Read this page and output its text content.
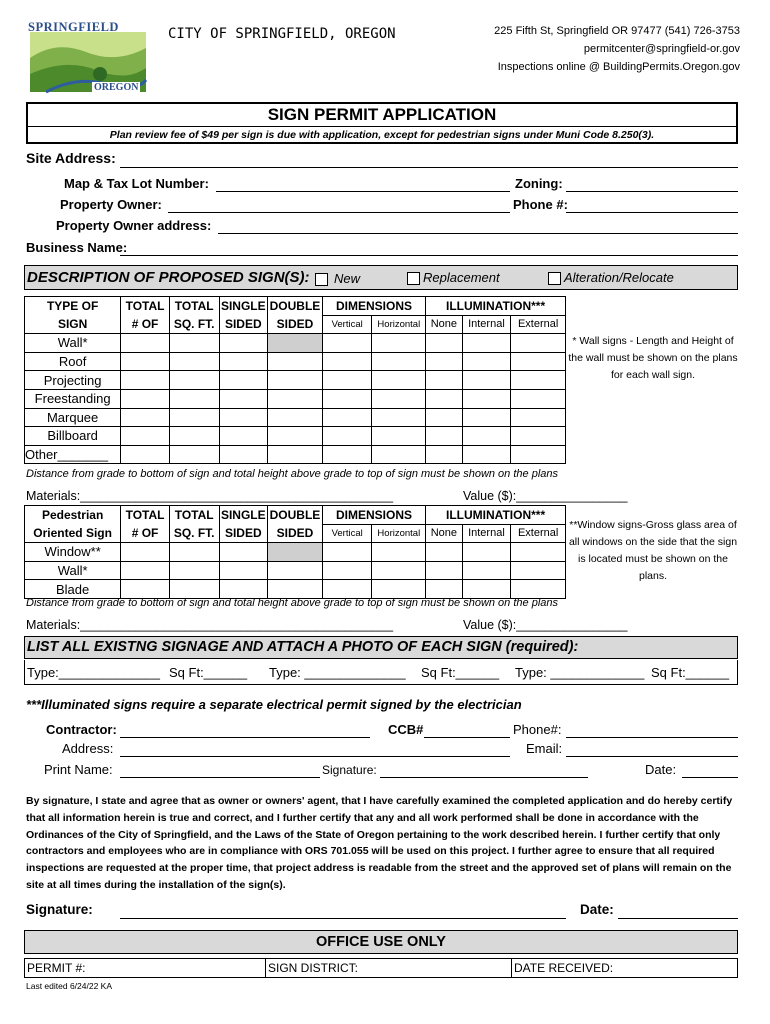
SPRINGFIELD
OREGON
CITY OF SPRINGFIELD, OREGON	225 Fifth St, Springfield OR 97477 (541) 726-3753
permitcenter@springfield-or.gov
Inspections online @ BuildingPermits.Oregon.gov
SIGN PERMIT APPLICATION
Plan review fee of $49 per sign is due with application, except for pedestrian signs under Muni Code 8.250(3).
Site Address:
Map & Tax Lot Number:	Zoning:
Property Owner:	Phone #:
Property Owner address:
Business Name:
DESCRIPTION OF PROPOSED SIGN(S):	New	Replacement	Alteration/Relocate
TYPE OF	TOTAL	TOTAL	SINGLE	DOUBLE	DIMENSIONS		ILLUMINATION***		
SIGN	# OF	SQ. FT.	SIDED	SIDED	Vertical	Horizontal	None	Internal	External
Wall*									
Roof									
Projecting									
Freestanding									
Marquee									
Billboard									
Other_______									
* Wall signs - Length and Height of the wall must be shown on the plans for each wall sign.
Distance from grade to bottom of sign and total height above grade to top of sign must be shown on the plans
Materials:_____________________________________________	Value ($):________________
Pedestrian	TOTAL	TOTAL	SINGLE	DOUBLE	DIMENSIONS		ILLUMINATION***		
Oriented Sign	# OF	SQ. FT.	SIDED	SIDED	Vertical	Horizontal	None	Internal	External
Window**									
Wall*									
Blade									
**Window signs-Gross glass area of all windows on the side that the sign is located must be shown on the plans.
Distance from grade to bottom of sign and total height above grade to top of sign must be shown on the plans
Materials:_____________________________________________	Value ($):________________
LIST ALL EXISTNG SIGNAGE AND ATTACH A PHOTO OF EACH SIGN (required):
Type:______________ Sq Ft:______ Type: ______________ Sq Ft:______ Type: _____________ Sq Ft:______
***Illuminated signs require a separate electrical permit signed by the electrician
Contractor:	CCB#	Phone#:
Address:	Email:
Print Name:	Signature:	Date:
By signature, I state and agree that as owner or owners' agent, that I have carefully examined the completed application and do hereby certify that all information herein is true and correct, and I further certify that any and all work performed shall be done in accordance with the Ordinances of the City of Springfield, and the Laws of the State of Oregon pertaining to the work described herein. I further certify that only contractors and employees who are in compliance with ORS 701.055 will be used on this project. I further agree to ensure that all required inspections are requested at the proper time, that project address is readable from the street and the approved set of plans will remain on the site at all times during the installation of the sign(s).
Signature:	Date:
OFFICE USE ONLY
PERMIT #:	SIGN DISTRICT:	DATE RECEIVED:
Last edited 6/24/22 KA
